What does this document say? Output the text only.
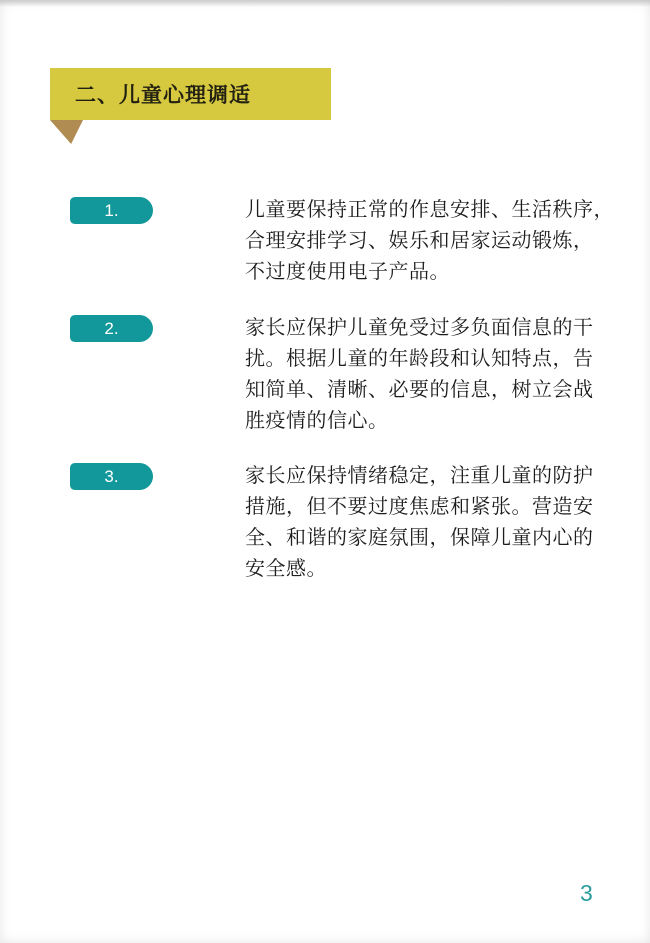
二、儿童心理调适
1.	儿童要保持正常的作息安排、生活秩序，
合理安排学习、娱乐和居家运动锻炼，
不过度使用电子产品。
2.	家长应保护儿童免受过多负面信息的干
扰。根据儿童的年龄段和认知特点，告
知简单、清晰、必要的信息，树立会战
胜疫情的信心。
3.	家长应保持情绪稳定，注重儿童的防护
措施，但不要过度焦虑和紧张。营造安
全、和谐的家庭氛围，保障儿童内心的
安全感。
3
